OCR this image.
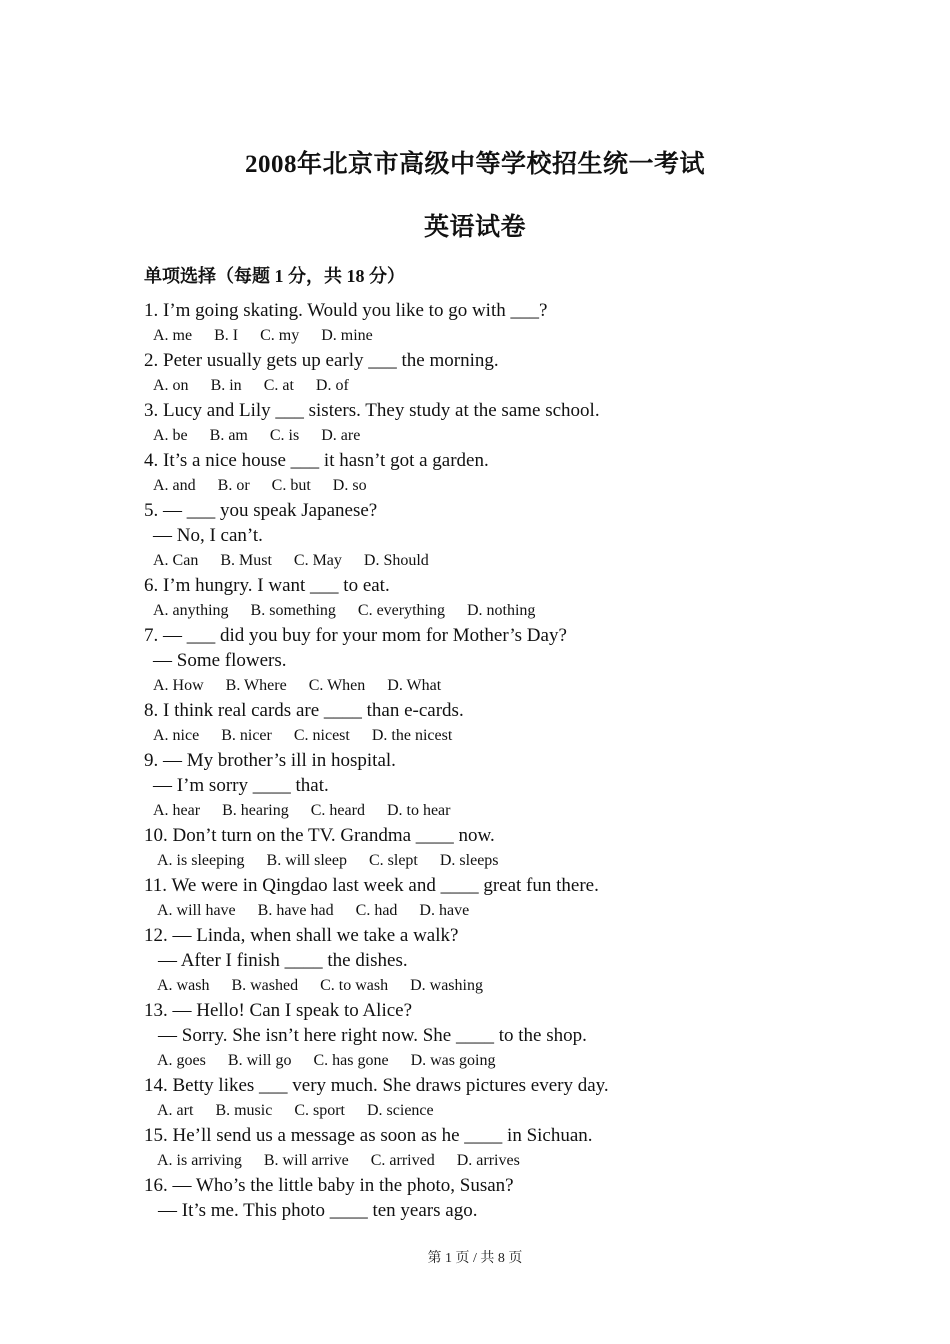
2008年北京市高级中等学校招生统一考试
英语试卷
单项选择（每题 1 分，共 18 分）
1. I’m going skating. Would you like to go with ___?
A. me B. I C. my D. mine
2. Peter usually gets up early ___ the morning.
A. on B. in C. at D. of
3. Lucy and Lily ___ sisters. They study at the same school.
A. be B. am C. is D. are
4. It’s a nice house ___ it hasn’t got a garden.
A. and B. or C. but D. so
5. — ___ you speak Japanese?
— No, I can’t.
A. Can B. Must C. May D. Should
6. I’m hungry. I want ___ to eat.
A. anything B. something C. everything D. nothing
7. — ___ did you buy for your mom for Mother’s Day?
— Some flowers.
A. How B. Where C. When D. What
8. I think real cards are ____ than e-cards.
A. nice B. nicer C. nicest D. the nicest
9. — My brother’s ill in hospital.
— I’m sorry ____ that.
A. hear B. hearing C. heard D. to hear
10. Don’t turn on the TV. Grandma ____ now.
A. is sleeping B. will sleep C. slept D. sleeps
11. We were in Qingdao last week and ____ great fun there.
A. will have B. have had C. had D. have
12. — Linda, when shall we take a walk?
— After I finish ____ the dishes.
A. wash B. washed C. to wash D. washing
13. — Hello! Can I speak to Alice?
— Sorry. She isn’t here right now. She ____ to the shop.
A. goes B. will go C. has gone D. was going
14. Betty likes ___ very much. She draws pictures every day.
A. art B. music C. sport D. science
15. He’ll send us a message as soon as he ____ in Sichuan.
A. is arriving B. will arrive C. arrived D. arrives
16. — Who’s the little baby in the photo, Susan?
— It’s me. This photo ____ ten years ago.
第 1 页 / 共 8 页
